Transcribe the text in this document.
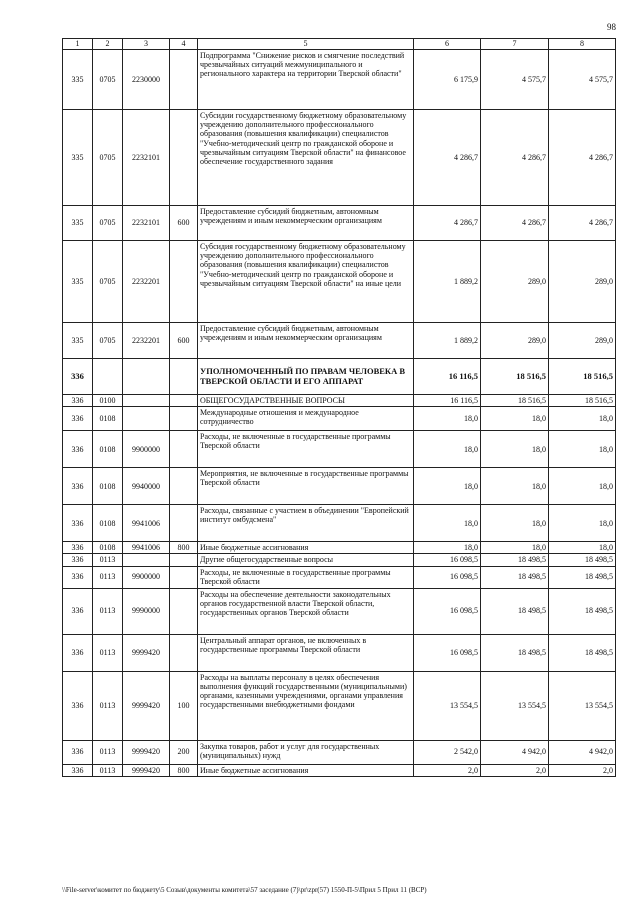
98
1	2	3	4	5	6	7	8
335	0705	2230000		Подпрограмма "Снижение рисков и смягчение последствий чрезвычайных ситуаций межмуниципального и регионального характера на территории Тверской области"	6 175,9	4 575,7	4 575,7
335	0705	2232101		Субсидии государственному бюджетному образовательному учреждению дополнительного профессионального образования (повышения квалификации) специалистов "Учебно-методический центр по гражданской обороне и чрезвычайным ситуациям Тверской области" на финансовое обеспечение государственного задания	4 286,7	4 286,7	4 286,7
335	0705	2232101	600	Предоставление субсидий бюджетным, автономным учреждениям и иным некоммерческим организациям	4 286,7	4 286,7	4 286,7
335	0705	2232201		Субсидия государственному бюджетному образовательному учреждению дополнительного профессионального образования (повышения квалификации) специалистов "Учебно-методический центр по гражданской обороне и чрезвычайным ситуациям Тверской области" на иные цели	1 889,2	289,0	289,0
335	0705	2232201	600	Предоставление субсидий бюджетным, автономным учреждениям и иным некоммерческим организациям	1 889,2	289,0	289,0
336				УПОЛНОМОЧЕННЫЙ ПО ПРАВАМ ЧЕЛОВЕКА В ТВЕРСКОЙ ОБЛАСТИ И ЕГО АППАРАТ	16 116,5	18 516,5	18 516,5
336	0100			ОБЩЕГОСУДАРСТВЕННЫЕ ВОПРОСЫ	16 116,5	18 516,5	18 516,5
336	0108			Международные отношения и международное сотрудничество	18,0	18,0	18,0
336	0108	9900000		Расходы, не включенные в государственные программы Тверской области	18,0	18,0	18,0
336	0108	9940000		Мероприятия, не включенные в государственные программы Тверской области	18,0	18,0	18,0
336	0108	9941006		Расходы, связанные с участием в объединении "Европейский институт омбудсмена"	18,0	18,0	18,0
336	0108	9941006	800	Иные бюджетные ассигнования	18,0	18,0	18,0
336	0113			Другие общегосударственные вопросы	16 098,5	18 498,5	18 498,5
336	0113	9900000		Расходы, не включенные в государственные программы Тверской области	16 098,5	18 498,5	18 498,5
336	0113	9990000		Расходы на обеспечение деятельности законодательных органов государственной власти Тверской области, государственных органов Тверской области	16 098,5	18 498,5	18 498,5
336	0113	9999420		Центральный аппарат органов, не включенных в государственные программы Тверской области	16 098,5	18 498,5	18 498,5
336	0113	9999420	100	Расходы на выплаты персоналу в целях обеспечения выполнения функций государственными (муниципальными) органами, казенными учреждениями, органами управления государственными внебюджетными фондами	13 554,5	13 554,5	13 554,5
336	0113	9999420	200	Закупка товаров, работ и услуг для государственных (муниципальных) нужд	2 542,0	4 942,0	4 942,0
336	0113	9999420	800	Иные бюджетные ассигнования	2,0	2,0	2,0
\\File-server\комитет по бюджету\5 Созыв\документы комитета\57 заседание (7)\pr\zpr(57) 1550-П-5\Прил 5 Прил 11 (ВСР)
